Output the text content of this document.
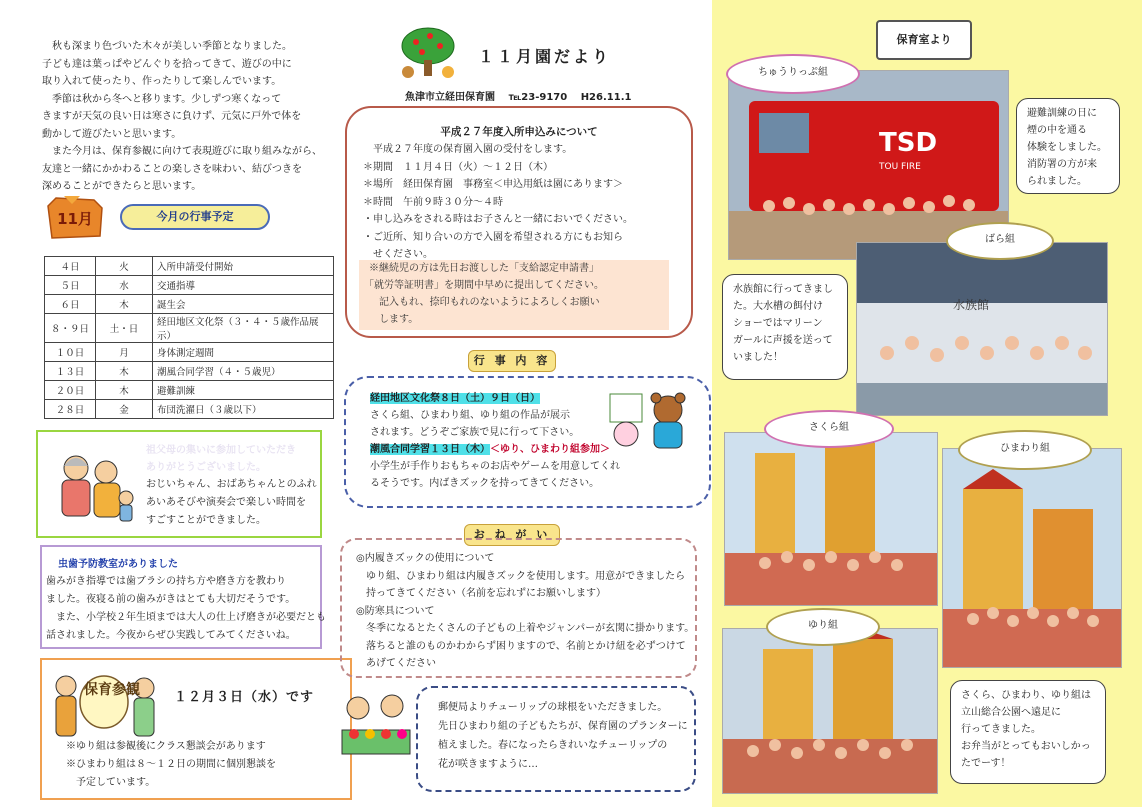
　秋も深まり色づいた木々が美しい季節となりました。
子ども達は葉っぱやどんぐりを拾ってきて、遊びの中に
取り入れて使ったり、作ったりして楽しんでいます。
　季節は秋から冬へと移ります。少しずつ寒くなって
きますが天気の良い日は寒さに負けず、元気に戸外で体を
動かして遊びたいと思います。
　また今月は、保育参観に向けて表現遊びに取り組みながら、
友達と一緒にかかわることの楽しさを味わい、結びつきを
深めることができたらと思います。
11月	今月の行事予定
４日	火	入所申請受付開始
５日	水	交通指導
６日	木	誕生会
８・９日	土・日	経田地区文化祭（３・４・５歳作品展示）
１０日	月	身体測定週間
１３日	木	潮風合同学習（４・５歳児）
２０日	木	避難訓練
２８日	金	布団洗濯日（３歳以下）
祖父母の集いに参加していただき
ありがとうございました。
おじいちゃん、おばあちゃんとのふれ
あいあそびや演奏会で楽しい時間を
すごすことができました。
虫歯予防教室がありました
歯みがき指導では歯ブラシの持ち方や磨き方を教わり
ました。夜寝る前の歯みがきはとても大切だそうです。
　また、小学校２年生頃までは大人の仕上げ磨きが必要だとも
話されました。今夜からぜひ実践してみてくださいね。
保育参観	１２月３日（水）です
※ゆり組は参観後にクラス懇談会があります
※ひまわり組は８～１２日の期間に個別懇談を
　予定しています。
１１月園だより
魚津市立経田保育園 ℡23-9170 H26.11.1
平成２７年度入所申込みについて
　平成２７年度の保育園入園の受付をします。
＊期間　１１月４日（火）～１２日（木）
＊場所　経田保育園　事務室＜申込用紙は園にあります＞
＊時間　午前９時３０分～４時
・申し込みをされる時はお子さんと一緒においでください。
・ご近所、知り合いの方で入園を希望される方にもお知ら
　せください。
　※継続児の方は先日お渡しした「支給認定申請書」
　「就労等証明書」を期間中早めに提出してください。
　　記入もれ、捺印もれのないようによろしくお願い
　　します。
行 事 内 容
経田地区文化祭８日（土）９日（日）
さくら組、ひまわり組、ゆり組の作品が展示
されます。どうぞご家族で見に行って下さい。
潮風合同学習１３日（木）＜ゆり、ひまわり組参加＞
小学生が手作りおもちゃのお店やゲームを用意してくれ
るそうです。内ばきズックを持ってきてください。
お ね が い
◎内履きズックの使用について
　ゆり組、ひまわり組は内履きズックを使用します。用意ができましたら
　持ってきてください（名前を忘れずにお願いします）
◎防寒具について
　冬季になるとたくさんの子どもの上着やジャンパーが玄関に掛かります。
　落ちると誰のものかわからず困りますので、名前とかけ紐を必ずつけて
　あげてください
郵便局よりチューリップの球根をいただきました。
先日ひまわり組の子どもたちが、保育園のプランターに
植えました。春になったらきれいなチューリップの
花が咲きますように…
保育室より
TSD
TOU FIRE
ちゅうりっぷ組
避難訓練の日に
煙の中を通る
体験をしました。
消防署の方が来
られました。
水族館
ばら組
水族館に行ってきまし
た。大水槽の餌付け
ショーではマリーン
ガールに声援を送って
いました！
さくら組
ひまわり組
ゆり組
さくら、ひまわり、ゆり組は
立山総合公園へ遠足に
行ってきました。
お弁当がとってもおいしかっ
たでーす！
